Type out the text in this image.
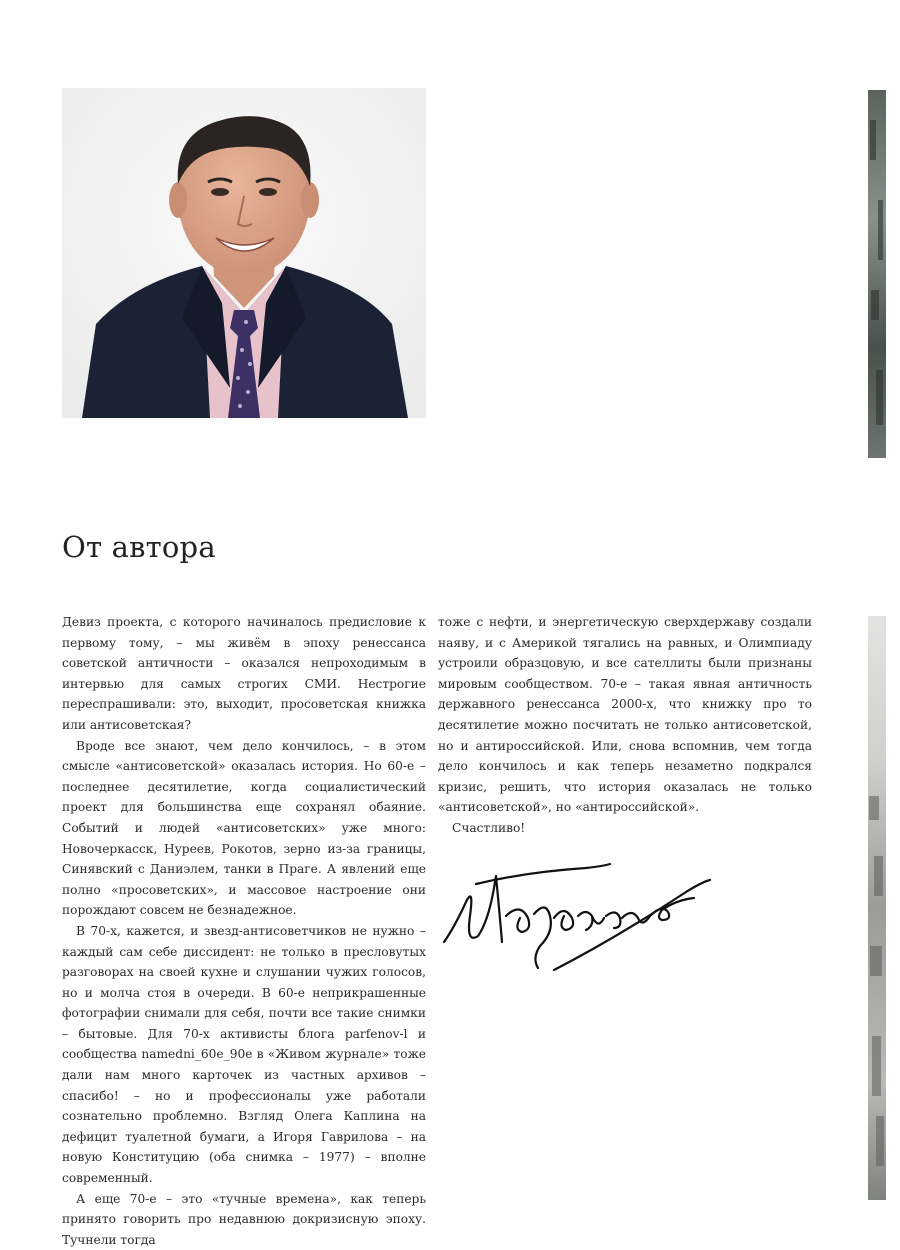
От автора

Девиз проекта, с которого начиналось предисловие к первому тому, – мы живём в эпоху ренессанса советской античности – оказался непроходимым в интервью для самых строгих СМИ. Нестрогие переспрашивали: это, выходит, просоветская книжка или антисоветская?

Вроде все знают, чем дело кончилось, – в этом смысле «антисоветской» оказалась история. Но 60-е – последнее десятилетие, когда социалистический проект для большинства еще сохранял обаяние. Событий и людей «антисоветских» уже много: Новочеркасск, Нуреев, Рокотов, зерно из-за границы, Синявский с Даниэлем, танки в Праге. А явлений еще полно «просоветских», и массовое настроение они порождают совсем не безнадежное.

В 70-х, кажется, и звезд-антисоветчиков не нужно – каждый сам себе диссидент: не только в пресловутых разговорах на своей кухне и слушании чужих голосов, но и молча стоя в очереди. В 60-е неприкрашенные фотографии снимали для себя, почти все такие снимки – бытовые. Для 70-х активисты блога parfenov-l и сообщества namedni_60e_90e в «Живом журнале» тоже дали нам много карточек из частных архивов – спасибо! – но и профессионалы уже работали сознательно проблемно. Взгляд Олега Каплина на дефицит туалетной бумаги, а Игоря Гаврилова – на новую Конституцию (оба снимка – 1977) – вполне современный.

А еще 70-е – это «тучные времена», как теперь принято говорить про недавнюю докризисную эпоху. Тучнели тогда

тоже с нефти, и энергетическую сверхдержаву создали наяву, и с Америкой тягались на равных, и Олимпиаду устроили образцовую, и все сателлиты были признаны мировым сообществом. 70-е – такая явная античность державного ренессанса 2000-х, что книжку про то десятилетие можно посчитать не только антисоветской, но и антироссийской. Или, снова вспомнив, чем тогда дело кончилось и как теперь незаметно подкрался кризис, решить, что история оказалась не только «антисоветской», но «антироссийской».

Счастливо!
